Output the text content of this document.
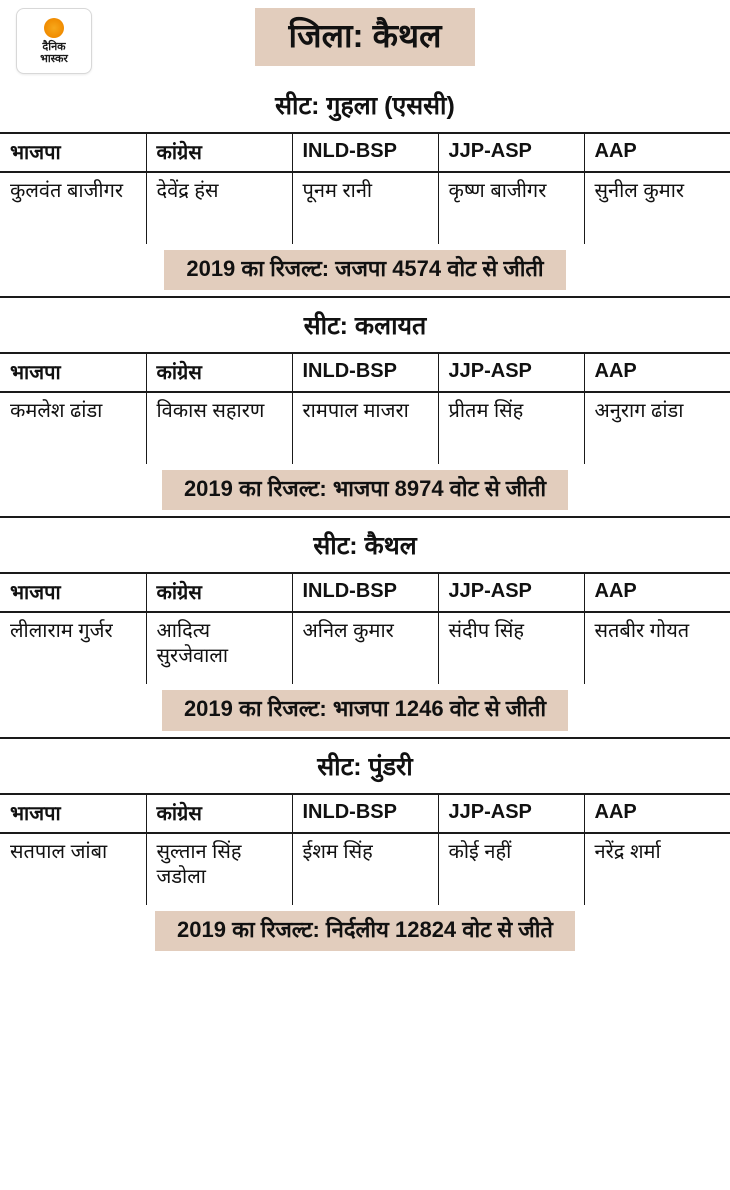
दैनिक
भास्कर
जिला: कैथल
सीट: गुहला (एससी)
भाजपा	कांग्रेस	INLD-BSP	JJP-ASP	AAP
कुलवंत बाजीगर	देवेंद्र हंस	पूनम रानी	कृष्ण बाजीगर	सुनील कुमार
2019 का रिजल्ट: जजपा 4574 वोट से जीती
सीट: कलायत
भाजपा	कांग्रेस	INLD-BSP	JJP-ASP	AAP
कमलेश ढांडा	विकास सहारण	रामपाल माजरा	प्रीतम सिंह	अनुराग ढांडा
2019 का रिजल्ट: भाजपा 8974 वोट से जीती
सीट: कैथल
भाजपा	कांग्रेस	INLD-BSP	JJP-ASP	AAP
लीलाराम गुर्जर	आदित्य सुरजेवाला	अनिल कुमार	संदीप सिंह	सतबीर गोयत
2019 का रिजल्ट: भाजपा 1246 वोट से जीती
सीट: पुंडरी
भाजपा	कांग्रेस	INLD-BSP	JJP-ASP	AAP
सतपाल जांबा	सुल्तान सिंह जडोला	ईशम सिंह	कोई नहीं	नरेंद्र शर्मा
2019 का रिजल्ट: निर्दलीय 12824 वोट से जीते
